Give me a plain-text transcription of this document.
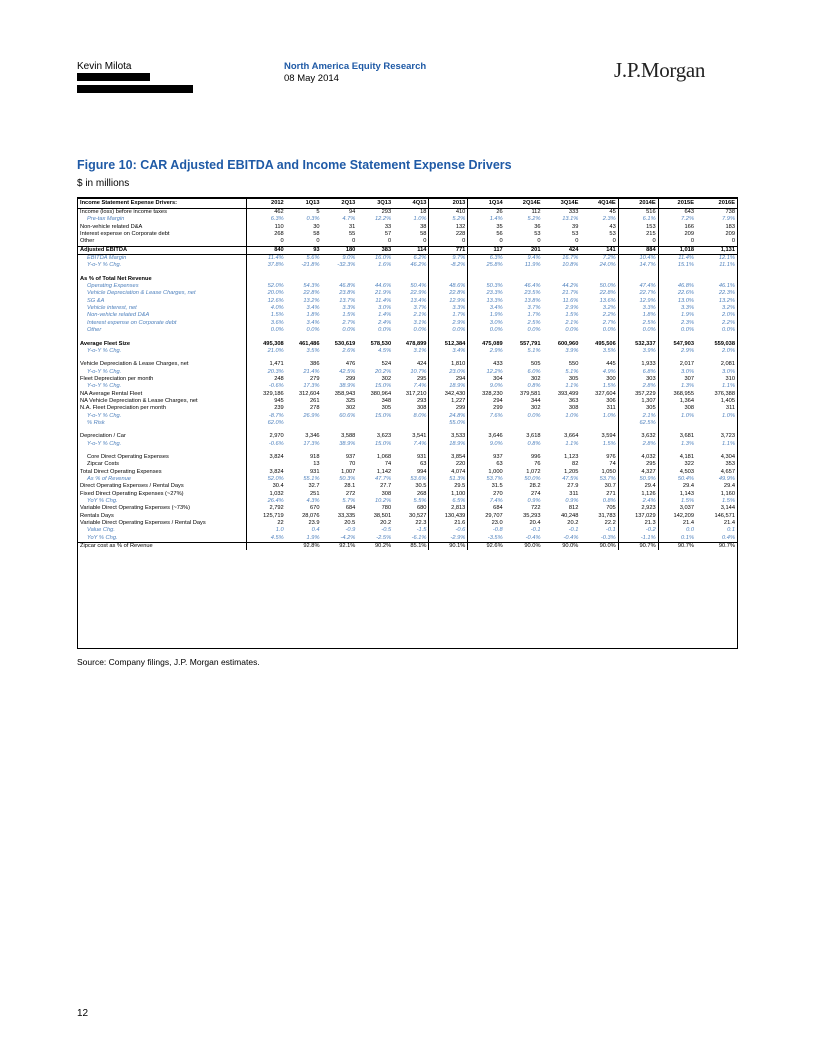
Kevin Milota	North America Equity Research
08 May 2014	J.P.Morgan
Figure 10: CAR Adjusted EBITDA and Income Statement Expense Drivers
$ in millions
Income Statement Expense Drivers:	2012	1Q13	2Q13	3Q13	4Q13	2013	1Q14	2Q14E	3Q14E	4Q14E	2014E	2015E	2016E
Income (loss) before income taxes	462	5	94	293	18	410	26	112	333	45	516	643	738
Pre-tax Margin	6.3%	0.3%	4.7%	12.2%	1.0%	5.2%	1.4%	5.2%	13.1%	2.3%	6.1%	7.2%	7.9%
Non-vehicle related D&A	110	30	31	33	38	132	35	36	39	43	153	166	183
Interest expense on Corporate debt	268	58	55	57	58	228	56	53	53	53	215	209	209
Other	0	0	0	0	0	0	0	0	0	0	0	0	0
Adjusted EBITDA	840	93	180	383	114	771	117	201	424	141	884	1,018	1,131
EBITDA Margin	11.4%	5.6%	9.0%	16.0%	6.2%	9.7%	6.3%	9.4%	16.7%	7.2%	10.4%	11.4%	12.1%
Y-o-Y % Chg.	37.8%	-21.8%	-32.3%	1.6%	46.2%	-8.2%	25.8%	11.9%	10.8%	24.0%	14.7%	15.1%	11.1%

As % of Total Net Revenue													
Operating Expenses	52.0%	54.3%	46.8%	44.6%	50.4%	48.6%	50.3%	46.4%	44.2%	50.0%	47.4%	46.8%	46.1%
Vehicle Depreciation & Lease Charges, net	20.0%	22.8%	23.8%	21.9%	22.9%	22.8%	23.3%	23.5%	21.7%	22.8%	22.7%	22.6%	22.3%
SG &A	12.6%	13.2%	13.7%	11.4%	13.4%	12.9%	13.3%	13.8%	11.6%	13.6%	12.9%	13.0%	13.2%
Vehicle interest, net	4.0%	3.4%	3.3%	3.0%	3.7%	3.3%	3.4%	3.7%	2.9%	3.2%	3.3%	3.3%	3.2%
Non-vehicle related D&A	1.5%	1.8%	1.5%	1.4%	2.1%	1.7%	1.9%	1.7%	1.5%	2.2%	1.8%	1.9%	2.0%
Interest expense on Corporate debt	3.6%	3.4%	2.7%	2.4%	3.1%	2.9%	3.0%	2.5%	2.1%	2.7%	2.5%	2.3%	2.2%
Other	0.0%	0.0%	0.0%	0.0%	0.0%	0.0%	0.0%	0.0%	0.0%	0.0%	0.0%	0.0%	0.0%

Average Fleet Size	495,308	461,486	530,619	578,530	478,899	512,384	475,089	557,791	600,960	495,506	532,337	547,903	559,038
Y-o-Y % Chg.	21.0%	3.5%	2.6%	4.5%	3.1%	3.4%	2.9%	5.1%	3.9%	3.5%	3.9%	2.9%	2.0%

Vehicle Depreciation & Lease Charges, net	1,471	386	476	524	424	1,810	433	505	550	445	1,933	2,017	2,081
Y-o-Y % Chg.	20.3%	21.4%	42.5%	20.2%	10.7%	23.0%	12.2%	6.0%	5.1%	4.9%	6.8%	3.0%	3.0%
Fleet Depreciation per month	248	279	299	302	295	294	304	302	305	300	303	307	310
Y-o-Y % Chg.	-0.6%	17.3%	38.9%	15.0%	7.4%	18.9%	9.0%	0.8%	1.1%	1.5%	2.8%	1.3%	1.1%
NA Average Rental Fleet	329,186	312,604	358,943	380,964	317,210	342,430	328,230	379,581	393,499	327,604	357,229	368,955	376,388
NA Vehicle Depreciation & Lease Charges, net	945	261	325	348	293	1,227	294	344	363	306	1,307	1,364	1,405
N.A. Fleet Depreciation per month	239	278	302	305	308	299	299	302	308	311	305	308	311
Y-o-Y % Chg.	-8.7%	26.9%	60.6%	15.0%	8.0%	24.8%	7.6%	0.0%	1.0%	1.0%	2.1%	1.0%	1.0%
% Risk	62.0%					55.0%					62.5%		

Depreciation / Car	2,970	3,346	3,588	3,623	3,541	3,533	3,646	3,618	3,664	3,594	3,632	3,681	3,723
Y-o-Y % Chg.	-0.6%	17.3%	38.9%	15.0%	7.4%	18.9%	9.0%	0.8%	1.1%	1.5%	2.8%	1.3%	1.1%

Core Direct Operating Expenses	3,824	918	937	1,068	931	3,854	937	996	1,123	976	4,032	4,181	4,304
Zipcar Costs		13	70	74	63	220	63	76	82	74	295	322	353
Total Direct Operating Expenses	3,824	931	1,007	1,142	994	4,074	1,000	1,072	1,205	1,050	4,327	4,503	4,657
As % of Revenue	52.0%	55.1%	50.3%	47.7%	53.6%	51.3%	53.7%	50.0%	47.5%	53.7%	50.9%	50.4%	49.9%
Direct Operating Expenses / Rental Days	30.4	32.7	28.1	27.7	30.5	29.5	31.5	28.2	27.9	30.7	29.4	29.4	29.4
Fixed Direct Operating Expenses (~27%)	1,032	251	272	308	268	1,100	270	274	311	271	1,126	1,143	1,160
YoY % Chg.	26.4%	4.3%	5.7%	10.2%	5.5%	6.5%	7.4%	0.9%	0.9%	0.8%	2.4%	1.5%	1.5%
Variable Direct Operating Expenses (~73%)	2,792	670	684	780	680	2,813	684	722	812	705	2,923	3,037	3,144
Rentals Days	125,719	28,076	33,335	38,501	30,527	130,439	29,707	35,293	40,248	31,783	137,029	142,209	146,571
Variable Direct Operating Expenses / Rental Days	22	23.9	20.5	20.2	22.3	21.6	23.0	20.4	20.2	22.2	21.3	21.4	21.4
Value Chg.	1.0	0.4	-0.9	-0.5	-1.5	-0.6	-0.8	-0.1	-0.1	-0.1	-0.2	0.0	0.1
YoY % Chg.	4.5%	1.9%	-4.2%	-2.5%	-6.1%	-2.9%	-3.5%	-0.4%	-0.4%	-0.3%	-1.1%	0.1%	0.4%
Zipcar cost as % of Revenue		92.8%	92.1%	90.2%	85.1%	90.1%	92.6%	90.0%	90.0%	90.0%	90.7%	90.7%	90.7%
Source: Company filings, J.P. Morgan estimates.
12
